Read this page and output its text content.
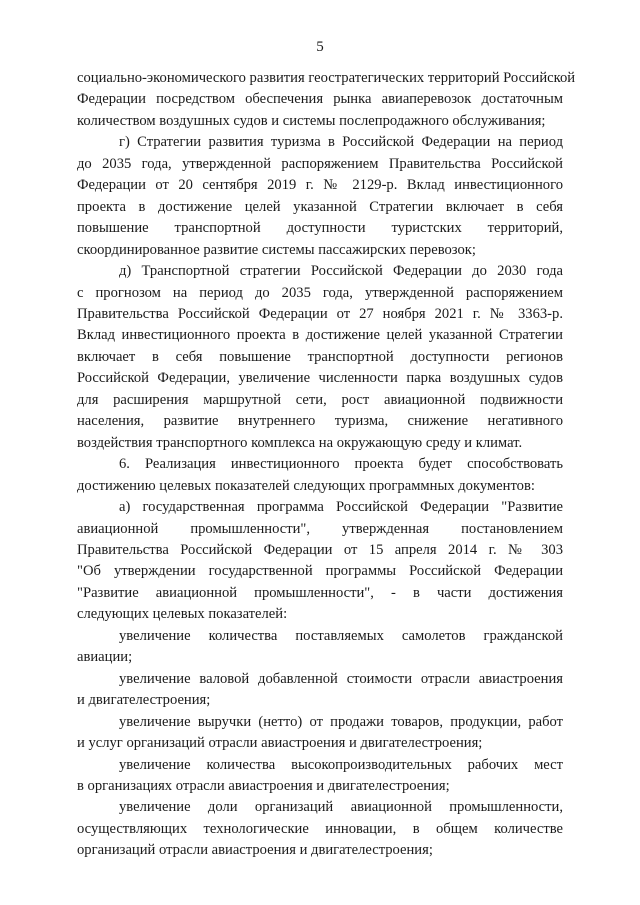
5
социально-экономического развития геостратегических территорий Российской
Федерации посредством обеспечения рынка авиаперевозок достаточным
количеством воздушных судов и системы послепродажного обслуживания;
г) Стратегии развития туризма в Российской Федерации на период
до 2035 года, утвержденной распоряжением Правительства Российской
Федерации от 20 сентября 2019 г. № 2129-р. Вклад инвестиционного
проекта в достижение целей указанной Стратегии включает в себя
повышение транспортной доступности туристских территорий,
скоординированное развитие системы пассажирских перевозок;
д) Транспортной стратегии Российской Федерации до 2030 года
с прогнозом на период до 2035 года, утвержденной распоряжением
Правительства Российской Федерации от 27 ноября 2021 г. № 3363-р.
Вклад инвестиционного проекта в достижение целей указанной Стратегии
включает в себя повышение транспортной доступности регионов
Российской Федерации, увеличение численности парка воздушных судов
для расширения маршрутной сети, рост авиационной подвижности
населения, развитие внутреннего туризма, снижение негативного
воздействия транспортного комплекса на окружающую среду и климат.
6. Реализация инвестиционного проекта будет способствовать
достижению целевых показателей следующих программных документов:
а) государственная программа Российской Федерации "Развитие
авиационной промышленности", утвержденная постановлением
Правительства Российской Федерации от 15 апреля 2014 г. № 303
"Об утверждении государственной программы Российской Федерации
"Развитие авиационной промышленности", - в части достижения
следующих целевых показателей:
увеличение количества поставляемых самолетов гражданской
авиации;
увеличение валовой добавленной стоимости отрасли авиастроения
и двигателестроения;
увеличение выручки (нетто) от продажи товаров, продукции, работ
и услуг организаций отрасли авиастроения и двигателестроения;
увеличение количества высокопроизводительных рабочих мест
в организациях отрасли авиастроения и двигателестроения;
увеличение доли организаций авиационной промышленности,
осуществляющих технологические инновации, в общем количестве
организаций отрасли авиастроения и двигателестроения;
